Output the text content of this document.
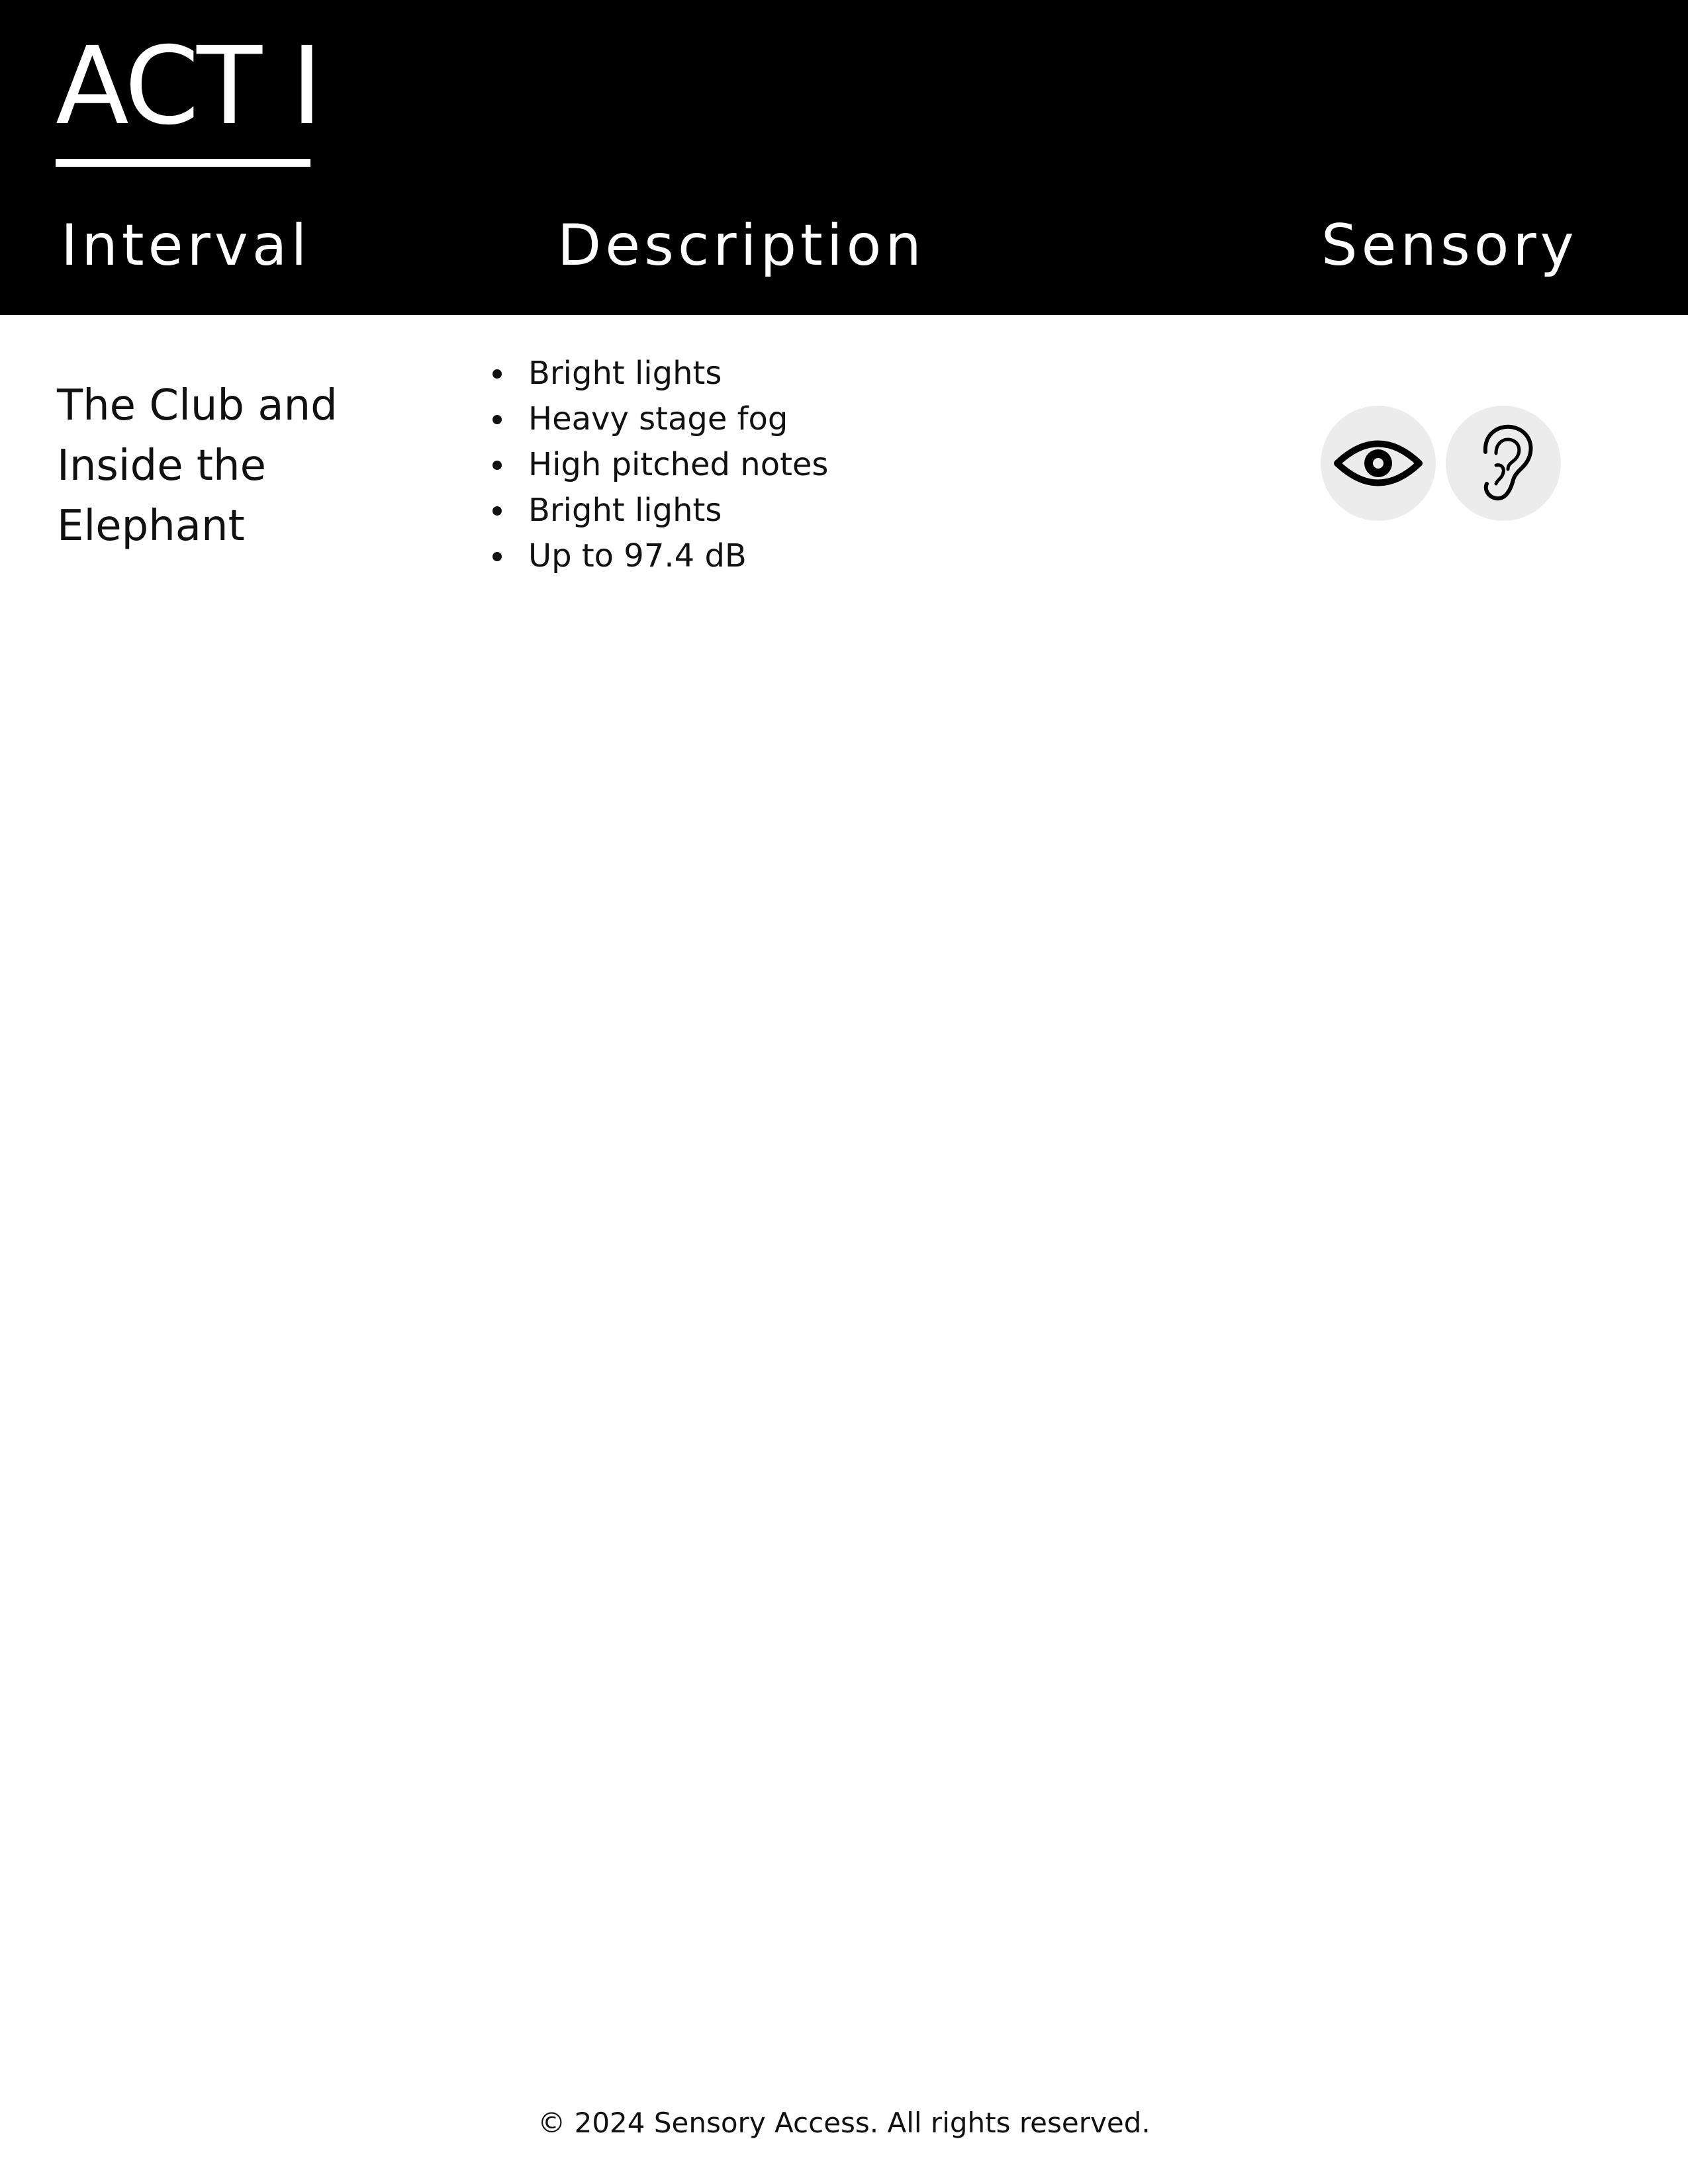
ACT I
Interval	Description	Sensory

The Club and
Inside the
Elephant

Bright lights
Heavy stage fog
High pitched notes
Bright lights
Up to 97.4 dB
© 2024 Sensory Access. All rights reserved.
